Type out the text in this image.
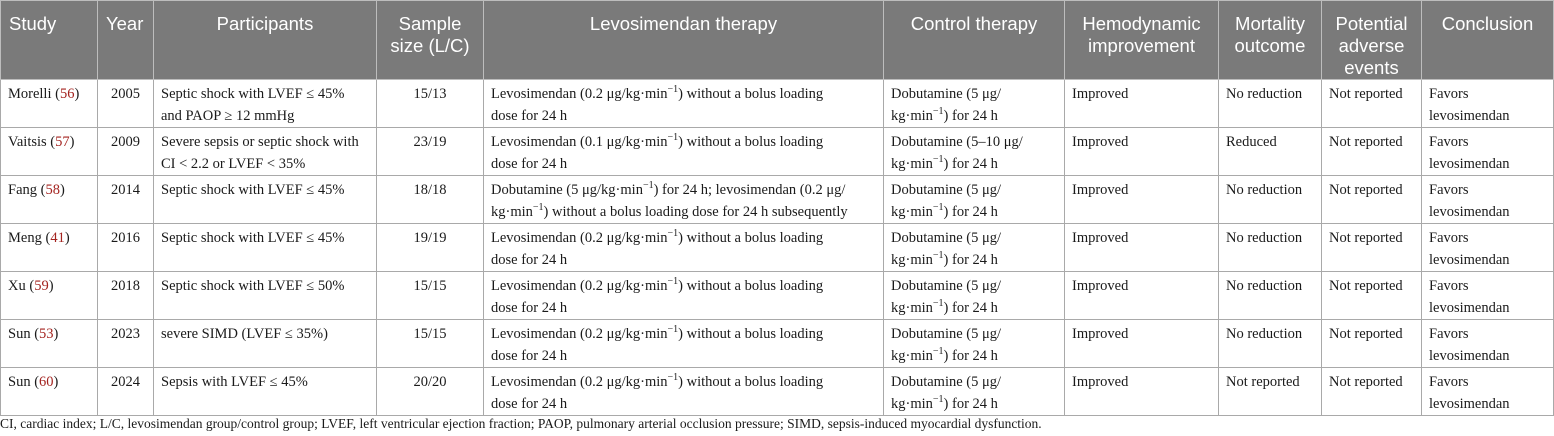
Study	Year	Participants	Sample size (L/C)	Levosimendan therapy	Control therapy	Hemodynamic improvement	Mortality outcome	Potential adverse events	Conclusion
Morelli (56)	2005	Septic shock with LVEF ≤ 45%
and PAOP ≥ 12 mmHg	15/13	Levosimendan (0.2 $\mu g/kg\cdot\min^{-1}$) without a bolus loading
dose for 24 h	Dobutamine (5 μg/
$kg\cdot\min^{-1}$) for 24 h	Improved	No reduction	Not reported	Favors
levosimendan
Vaitsis (57)	2009	Severe sepsis or septic shock with
CI < 2.2 or LVEF < 35%	23/19	Levosimendan (0.1 $\mu g/kg\cdot\min^{-1}$) without a bolus loading
dose for 24 h	Dobutamine (5–10 μg/
$kg\cdot\min^{-1}$) for 24 h	Improved	Reduced	Not reported	Favors
levosimendan
Fang (58)	2014	Septic shock with LVEF ≤ 45%	18/18	Dobutamine (5 $\mu g/kg\cdot\min^{-1}$) for 24 h; levosimendan (0.2 μg/
$kg\cdot\min^{-1}$) without a bolus loading dose for 24 h subsequently	Dobutamine (5 μg/
$kg\cdot\min^{-1}$) for 24 h	Improved	No reduction	Not reported	Favors
levosimendan
Meng (41)	2016	Septic shock with LVEF ≤ 45%	19/19	Levosimendan (0.2 $\mu g/kg\cdot\min^{-1}$) without a bolus loading
dose for 24 h	Dobutamine (5 μg/
$kg\cdot\min^{-1}$) for 24 h	Improved	No reduction	Not reported	Favors
levosimendan
Xu (59)	2018	Septic shock with LVEF ≤ 50%	15/15	Levosimendan (0.2 $\mu g/kg\cdot\min^{-1}$) without a bolus loading
dose for 24 h	Dobutamine (5 μg/
$kg\cdot\min^{-1}$) for 24 h	Improved	No reduction	Not reported	Favors
levosimendan
Sun (53)	2023	severe SIMD (LVEF ≤ 35%)	15/15	Levosimendan (0.2 $\mu g/kg\cdot\min^{-1}$) without a bolus loading
dose for 24 h	Dobutamine (5 μg/
$kg\cdot\min^{-1}$) for 24 h	Improved	No reduction	Not reported	Favors
levosimendan
Sun (60)	2024	Sepsis with LVEF ≤ 45%	20/20	Levosimendan (0.2 $\mu g/kg\cdot\min^{-1}$) without a bolus loading
dose for 24 h	Dobutamine (5 μg/
$kg\cdot\min^{-1}$) for 24 h	Improved	Not reported	Not reported	Favors
levosimendan
CI, cardiac index; L/C, levosimendan group/control group; LVEF, left ventricular ejection fraction; PAOP, pulmonary arterial occlusion pressure; SIMD, sepsis-induced myocardial dysfunction.
